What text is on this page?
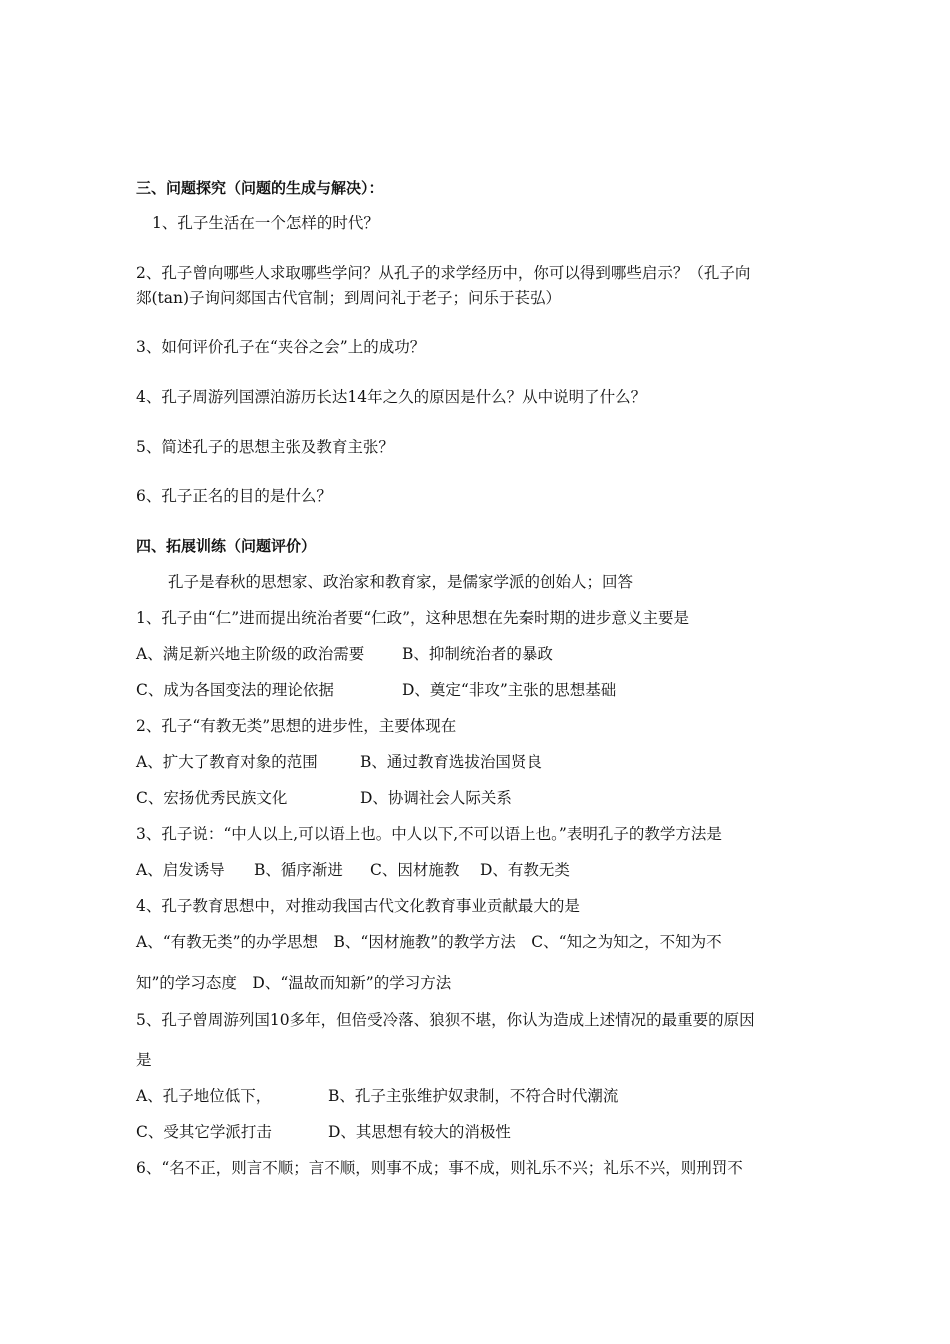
三、问题探究（问题的生成与解决）：
1、孔子生活在一个怎样的时代？
2、孔子曾向哪些人求取哪些学问？从孔子的求学经历中，你可以得到哪些启示？（孔子向
郯(tan)子询问郯国古代官制；到周问礼于老子；问乐于苌弘）
3、如何评价孔子在“夹谷之会”上的成功？
4、孔子周游列国漂泊游历长达14年之久的原因是什么？从中说明了什么？
5、简述孔子的思想主张及教育主张？
6、孔子正名的目的是什么？
四、拓展训练（问题评价）
孔子是春秋的思想家、政治家和教育家，是儒家学派的创始人；回答
1、孔子由“仁”进而提出统治者要“仁政”，这种思想在先秦时期的进步意义主要是
A、满足新兴地主阶级的政治需要 B、抑制统治者的暴政
C、成为各国变法的理论依据	D、奠定“非攻”主张的思想基础
2、孔子“有教无类”思想的进步性，主要体现在
A、扩大了教育对象的范围	B、通过教育选拔治国贤良
C、宏扬优秀民族文化	D、协调社会人际关系
3、孔子说：“中人以上,可以语上也。中人以下,不可以语上也。”表明孔子的教学方法是
A、启发诱导 B、循序渐进 C、因材施教 D、有教无类
4、孔子教育思想中，对推动我国古代文化教育事业贡献最大的是
A、“有教无类”的办学思想　B、“因材施教”的教学方法　C、“知之为知之，不知为不
知”的学习态度　D、“温故而知新”的学习方法
5、孔子曾周游列国10多年，但倍受冷落、狼狈不堪，你认为造成上述情况的最重要的原因
是
A、孔子地位低下，	B、孔子主张维护奴隶制，不符合时代潮流
C、受其它学派打击	D、其思想有较大的消极性
6、“名不正，则言不顺；言不顺，则事不成；事不成，则礼乐不兴；礼乐不兴，则刑罚不
